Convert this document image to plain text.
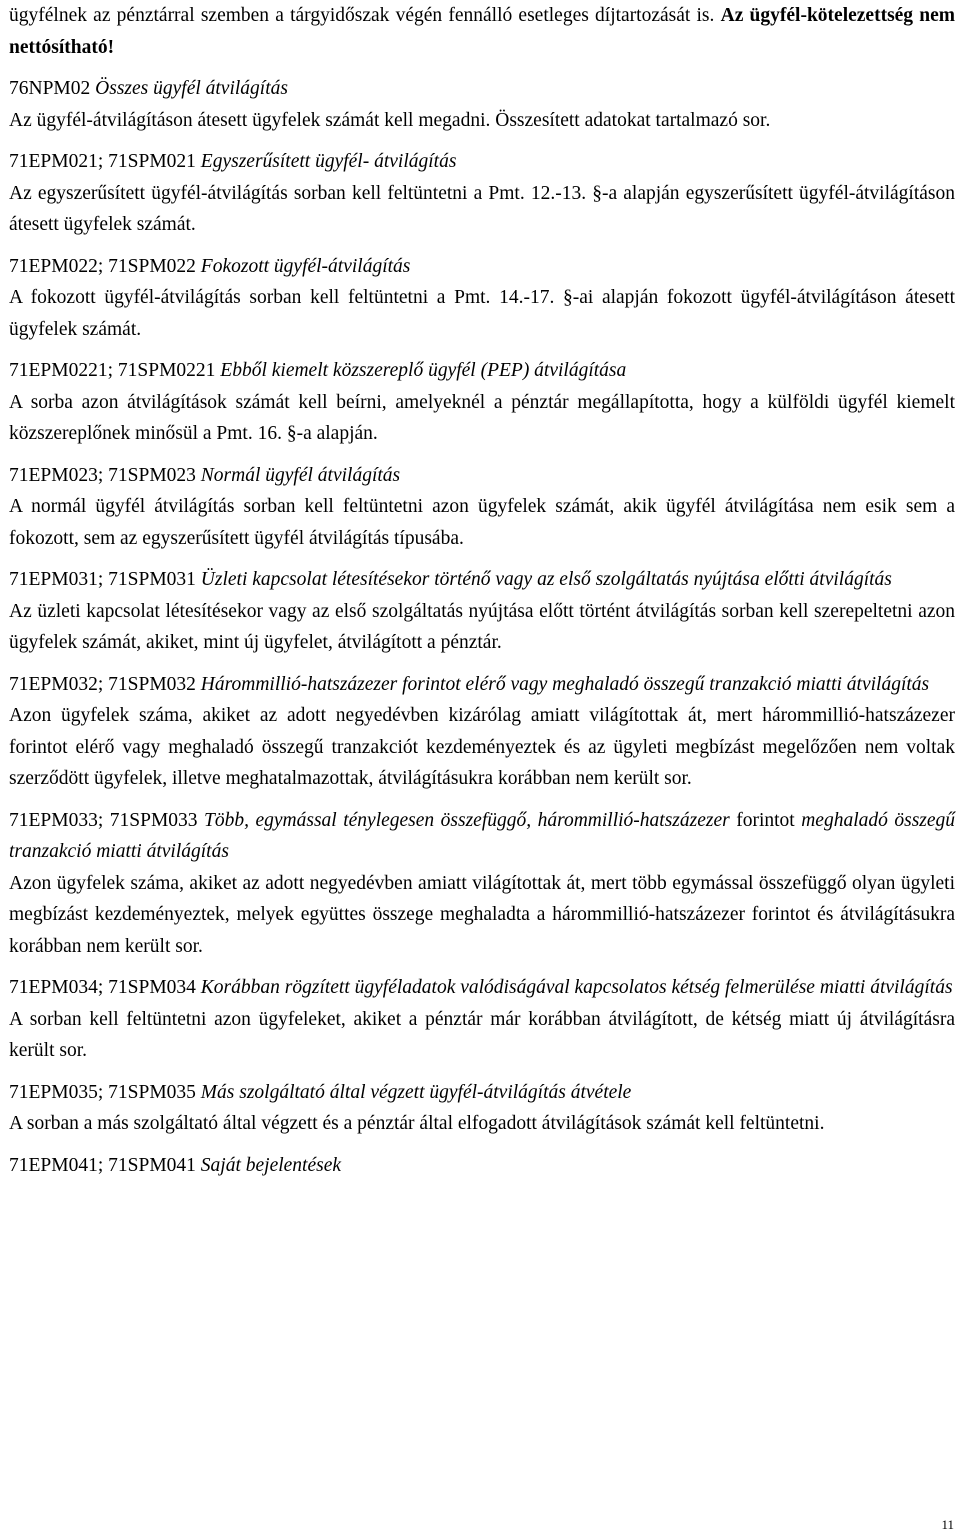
ügyfélnek az pénztárral szemben a tárgyidőszak végén fennálló esetleges díjtartozását is. Az ügyfél-kötelezettség nem nettósítható!

76NPM02 Összes ügyfél átvilágítás

Az ügyfél-átvilágításon átesett ügyfelek számát kell megadni. Összesített adatokat tartalmazó sor.

71EPM021; 71SPM021 Egyszerűsített ügyfél- átvilágítás

Az egyszerűsített ügyfél-átvilágítás sorban kell feltüntetni a Pmt. 12.-13. §-a alapján egyszerűsített ügyfél-átvilágításon átesett ügyfelek számát.

71EPM022; 71SPM022 Fokozott ügyfél-átvilágítás

A fokozott ügyfél-átvilágítás sorban kell feltüntetni a Pmt. 14.-17. §-ai alapján fokozott ügyfél-átvilágításon átesett ügyfelek számát.

71EPM0221; 71SPM0221 Ebből kiemelt közszereplő ügyfél (PEP) átvilágítása

A sorba azon átvilágítások számát kell beírni, amelyeknél a pénztár megállapította, hogy a külföldi ügyfél kiemelt közszereplőnek minősül a Pmt. 16. §-a alapján.

71EPM023; 71SPM023 Normál ügyfél átvilágítás

A normál ügyfél átvilágítás sorban kell feltüntetni azon ügyfelek számát, akik ügyfél átvilágítása nem esik sem a fokozott, sem az egyszerűsített ügyfél átvilágítás típusába.

71EPM031; 71SPM031 Üzleti kapcsolat létesítésekor történő vagy az első szolgáltatás nyújtása előtti átvilágítás

Az üzleti kapcsolat létesítésekor vagy az első szolgáltatás nyújtása előtt történt átvilágítás sorban kell szerepeltetni azon ügyfelek számát, akiket, mint új ügyfelet, átvilágított a pénztár.

71EPM032; 71SPM032 Hárommillió-hatszázezer forintot elérő vagy meghaladó összegű tranzakció miatti átvilágítás

Azon ügyfelek száma, akiket az adott negyedévben kizárólag amiatt világítottak át, mert hárommillió-hatszázezer forintot elérő vagy meghaladó összegű tranzakciót kezdeményeztek és az ügyleti megbízást megelőzően nem voltak szerződött ügyfelek, illetve meghatalmazottak, átvilágításukra korábban nem került sor.

71EPM033; 71SPM033 Több, egymással ténylegesen összefüggő, hárommillió-hatszázezer forintot meghaladó összegű tranzakció miatti átvilágítás

Azon ügyfelek száma, akiket az adott negyedévben amiatt világítottak át, mert több egymással összefüggő olyan ügyleti megbízást kezdeményeztek, melyek együttes összege meghaladta a hárommillió-hatszázezer forintot és átvilágításukra korábban nem került sor.

71EPM034; 71SPM034 Korábban rögzített ügyféladatok valódiságával kapcsolatos kétség felmerülése miatti átvilágítás

A sorban kell feltüntetni azon ügyfeleket, akiket a pénztár már korábban átvilágított, de kétség miatt új átvilágításra került sor.

71EPM035; 71SPM035 Más szolgáltató által végzett ügyfél-átvilágítás átvétele

A sorban a más szolgáltató által végzett és a pénztár által elfogadott átvilágítások számát kell feltüntetni.

71EPM041; 71SPM041 Saját bejelentések

11
